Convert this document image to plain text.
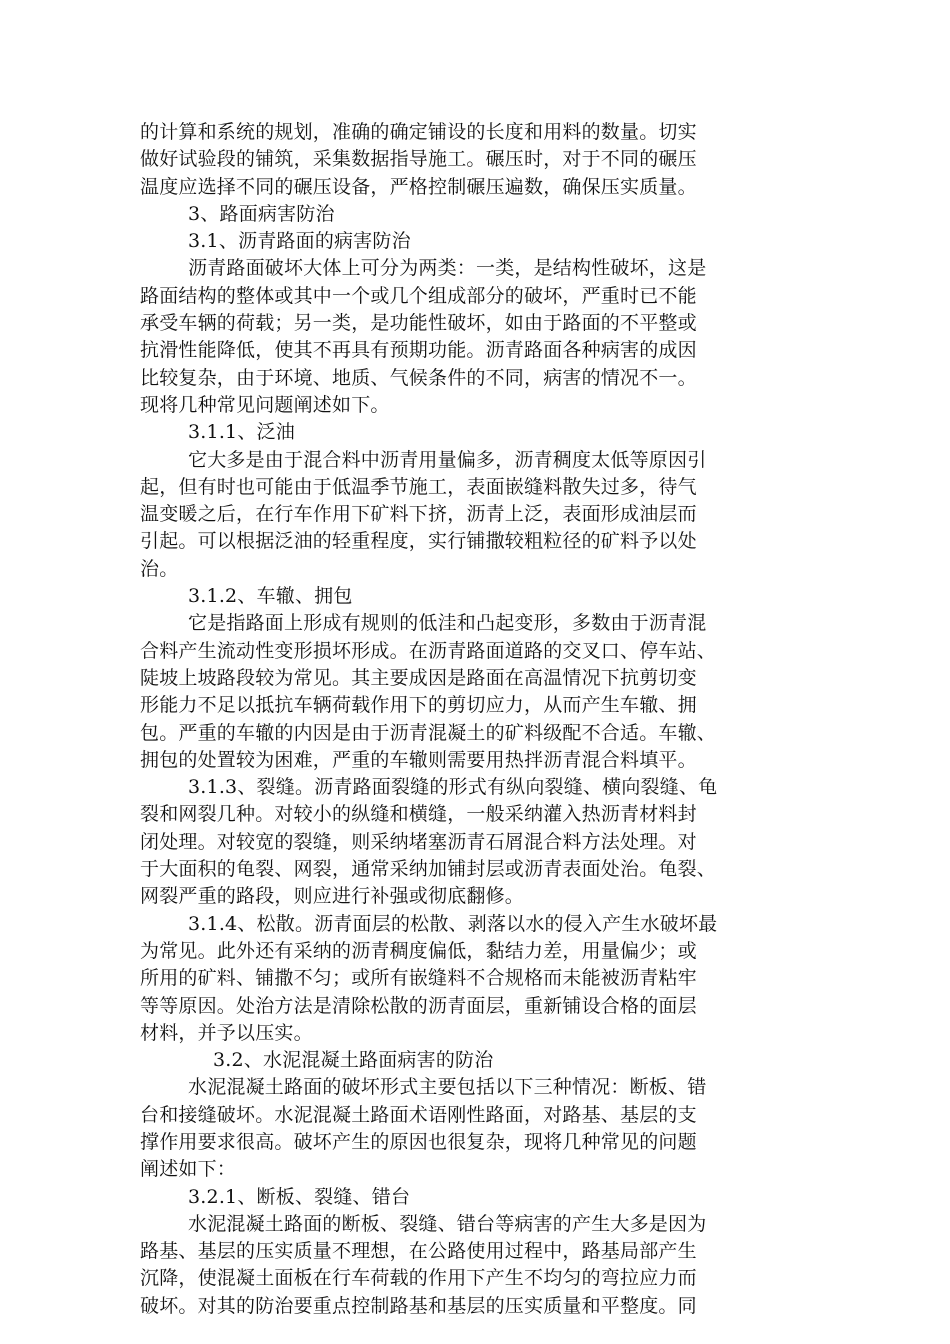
的计算和系统的规划，准确的确定铺设的长度和用料的数量。切实
做好试验段的铺筑，采集数据指导施工。碾压时，对于不同的碾压
温度应选择不同的碾压设备，严格控制碾压遍数，确保压实质量。
3、路面病害防治
3.1、沥青路面的病害防治
沥青路面破坏大体上可分为两类：一类，是结构性破坏，这是
路面结构的整体或其中一个或几个组成部分的破坏，严重时已不能
承受车辆的荷载；另一类，是功能性破坏，如由于路面的不平整或
抗滑性能降低，使其不再具有预期功能。沥青路面各种病害的成因
比较复杂，由于环境、地质、气候条件的不同，病害的情况不一。
现将几种常见问题阐述如下。
3.1.1、泛油
它大多是由于混合料中沥青用量偏多，沥青稠度太低等原因引
起，但有时也可能由于低温季节施工，表面嵌缝料散失过多，待气
温变暖之后，在行车作用下矿料下挤，沥青上泛，表面形成油层而
引起。可以根据泛油的轻重程度，实行铺撒较粗粒径的矿料予以处
治。
3.1.2、车辙、拥包
它是指路面上形成有规则的低洼和凸起变形，多数由于沥青混
合料产生流动性变形损坏形成。在沥青路面道路的交叉口、停车站、
陡坡上坡路段较为常见。其主要成因是路面在高温情况下抗剪切变
形能力不足以抵抗车辆荷载作用下的剪切应力，从而产生车辙、拥
包。严重的车辙的内因是由于沥青混凝土的矿料级配不合适。车辙、
拥包的处置较为困难，严重的车辙则需要用热拌沥青混合料填平。
3.1.3、裂缝。沥青路面裂缝的形式有纵向裂缝、横向裂缝、龟
裂和网裂几种。对较小的纵缝和横缝，一般采纳灌入热沥青材料封
闭处理。对较宽的裂缝，则采纳堵塞沥青石屑混合料方法处理。对
于大面积的龟裂、网裂，通常采纳加铺封层或沥青表面处治。龟裂、
网裂严重的路段，则应进行补强或彻底翻修。
3.1.4、松散。沥青面层的松散、剥落以水的侵入产生水破坏最
为常见。此外还有采纳的沥青稠度偏低，黏结力差，用量偏少；或
所用的矿料、铺撒不匀；或所有嵌缝料不合规格而未能被沥青粘牢
等等原因。处治方法是清除松散的沥青面层，重新铺设合格的面层
材料，并予以压实。
3.2、水泥混凝土路面病害的防治
水泥混凝土路面的破坏形式主要包括以下三种情况：断板、错
台和接缝破坏。水泥混凝土路面术语刚性路面，对路基、基层的支
撑作用要求很高。破坏产生的原因也很复杂，现将几种常见的问题
阐述如下：
3.2.1、断板、裂缝、错台
水泥混凝土路面的断板、裂缝、错台等病害的产生大多是因为
路基、基层的压实质量不理想，在公路使用过程中，路基局部产生
沉降，使混凝土面板在行车荷载的作用下产生不均匀的弯拉应力而
破坏。对其的防治要重点控制路基和基层的压实质量和平整度。同
